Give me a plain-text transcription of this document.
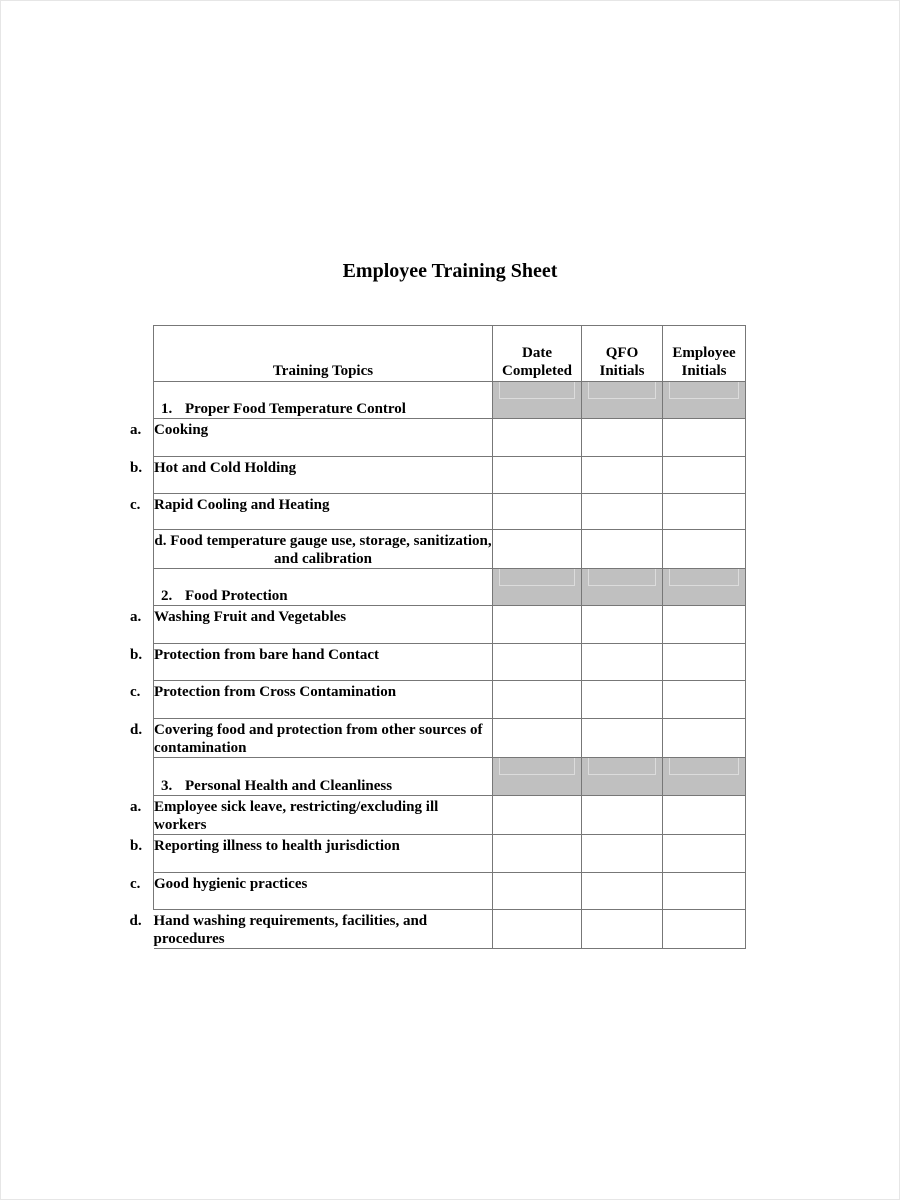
Employee Training Sheet
Training Topics	Date Completed	QFO Initials	Employee Initials
1. Proper Food Temperature Control			
a. Cooking			
b. Hot and Cold Holding			
c. Rapid Cooling and Heating			
d. Food temperature gauge use, storage, sanitization, and calibration			
2. Food Protection			
a. Washing Fruit and Vegetables			
b. Protection from bare hand Contact			
c. Protection from Cross Contamination			
d. Covering food and protection from other sources of contamination			
3. Personal Health and Cleanliness			
a. Employee sick leave, restricting/excluding ill workers			
b. Reporting illness to health jurisdiction			
c. Good hygienic practices			
d. Hand washing requirements, facilities, and procedures			
